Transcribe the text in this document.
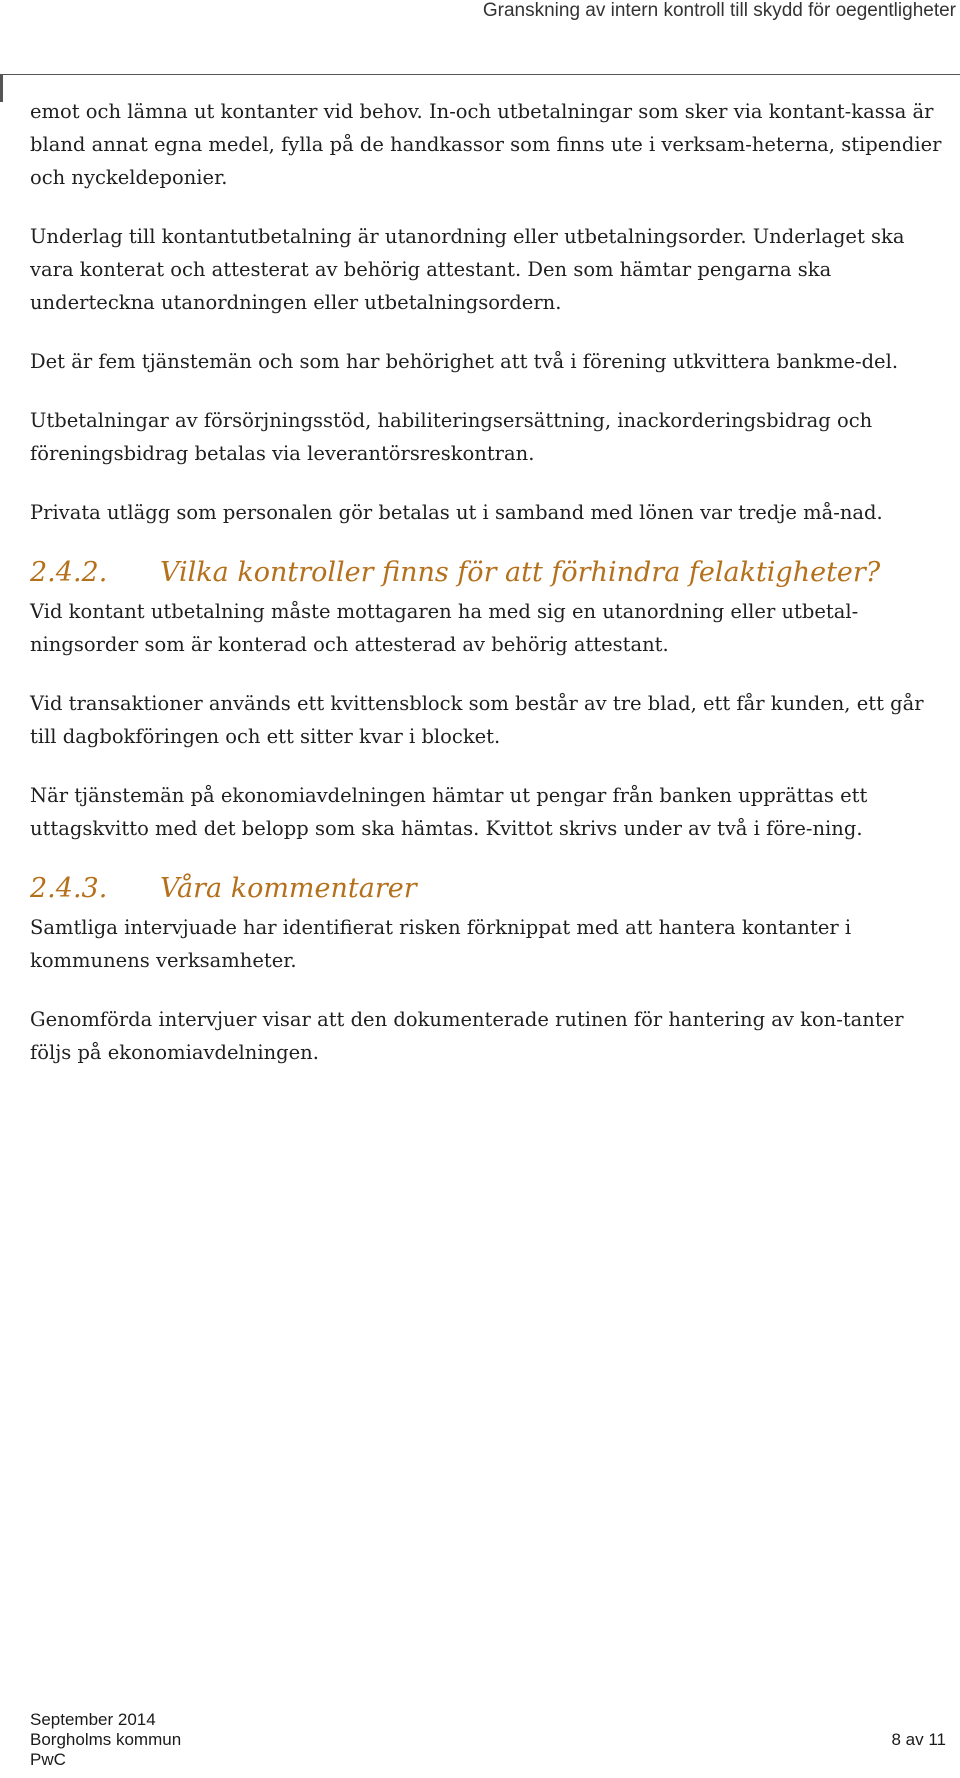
Granskning av intern kontroll till skydd för oegentligheter

emot och lämna ut kontanter vid behov. In-och utbetalningar som sker via kontant-kassa är bland annat egna medel, fylla på de handkassor som finns ute i verksam-heterna, stipendier och nyckeldeponier.

Underlag till kontantutbetalning är utanordning eller utbetalningsorder. Underlaget ska vara konterat och attesterat av behörig attestant. Den som hämtar pengarna ska underteckna utanordningen eller utbetalningsordern.

Det är fem tjänstemän och som har behörighet att två i förening utkvittera bankme-del.

Utbetalningar av försörjningsstöd, habiliteringsersättning, inackorderingsbidrag och föreningsbidrag betalas via leverantörsreskontran.

Privata utlägg som personalen gör betalas ut i samband med lönen var tredje må-nad.

2.4.2.	Vilka kontroller finns för att förhindra felaktigheter?

Vid kontant utbetalning måste mottagaren ha med sig en utanordning eller utbetal-ningsorder som är konterad och attesterad av behörig attestant.

Vid transaktioner används ett kvittensblock som består av tre blad, ett får kunden, ett går till dagbokföringen och ett sitter kvar i blocket.

När tjänstemän på ekonomiavdelningen hämtar ut pengar från banken upprättas ett uttagskvitto med det belopp som ska hämtas. Kvittot skrivs under av två i före-ning.

2.4.3.	Våra kommentarer

Samtliga intervjuade har identifierat risken förknippat med att hantera kontanter i kommunens verksamheter.

Genomförda intervjuer visar att den dokumenterade rutinen för hantering av kon-tanter följs på ekonomiavdelningen.

September 2014
Borgholms kommun
PwC
8 av 11
